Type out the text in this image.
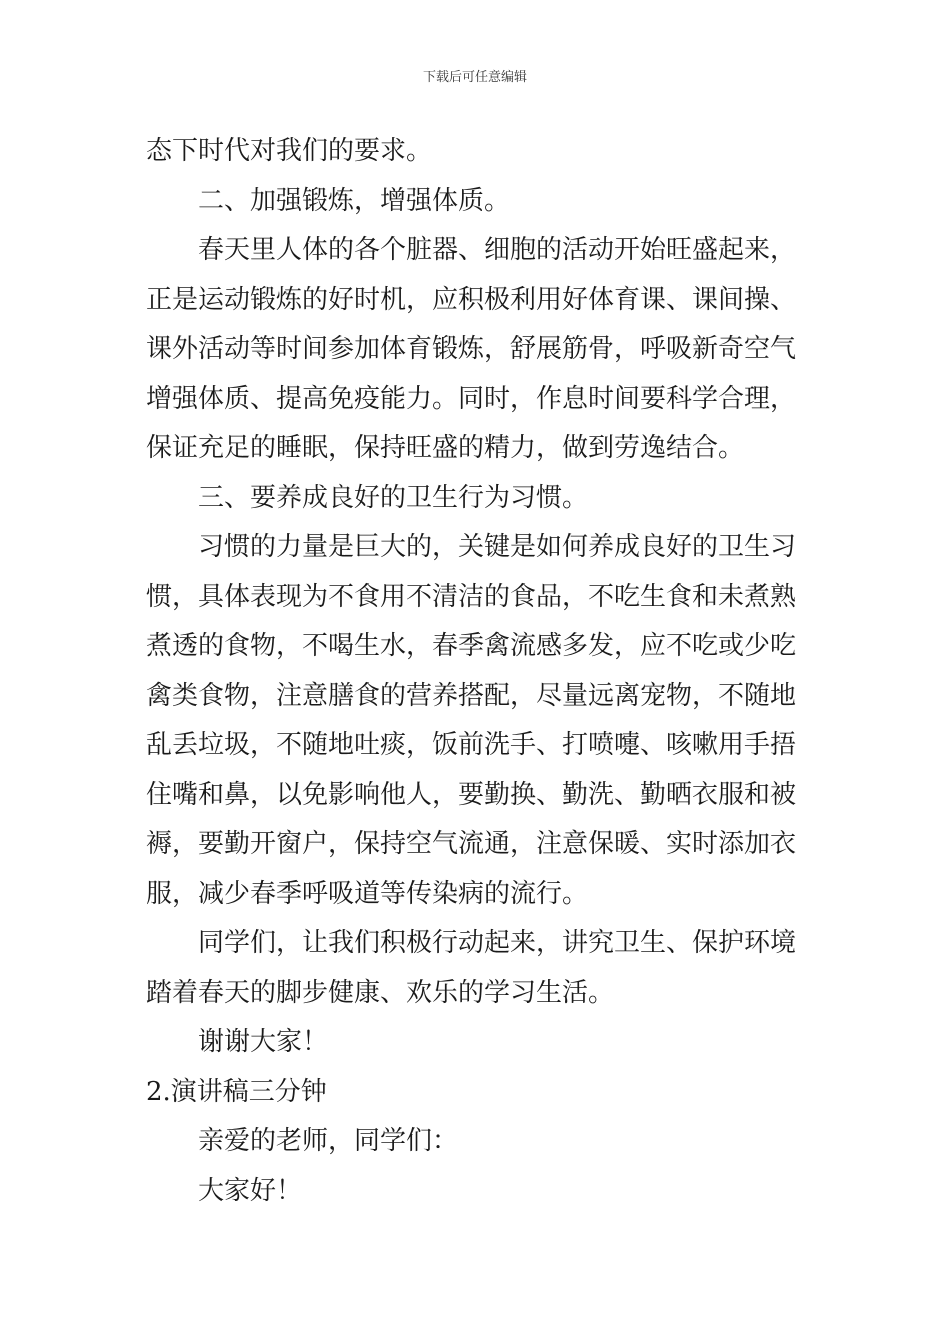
下载后可任意编辑
态下时代对我们的要求。
二、加强锻炼，增强体质。
春天里人体的各个脏器、细胞的活动开始旺盛起来，
正是运动锻炼的好时机，应积极利用好体育课、课间操、
课外活动等时间参加体育锻炼，舒展筋骨，呼吸新奇空气
增强体质、提高免疫能力。同时，作息时间要科学合理，
保证充足的睡眠，保持旺盛的精力，做到劳逸结合。
三、要养成良好的卫生行为习惯。
习惯的力量是巨大的，关键是如何养成良好的卫生习
惯，具体表现为不食用不清洁的食品，不吃生食和未煮熟
煮透的食物，不喝生水，春季禽流感多发，应不吃或少吃
禽类食物，注意膳食的营养搭配，尽量远离宠物，不随地
乱丢垃圾，不随地吐痰，饭前洗手、打喷嚏、咳嗽用手捂
住嘴和鼻，以免影响他人，要勤换、勤洗、勤晒衣服和被
褥，要勤开窗户，保持空气流通，注意保暖、实时添加衣
服，减少春季呼吸道等传染病的流行。
同学们，让我们积极行动起来，讲究卫生、保护环境
踏着春天的脚步健康、欢乐的学习生活。
谢谢大家！
2.演讲稿三分钟
亲爱的老师，同学们：
大家好！
